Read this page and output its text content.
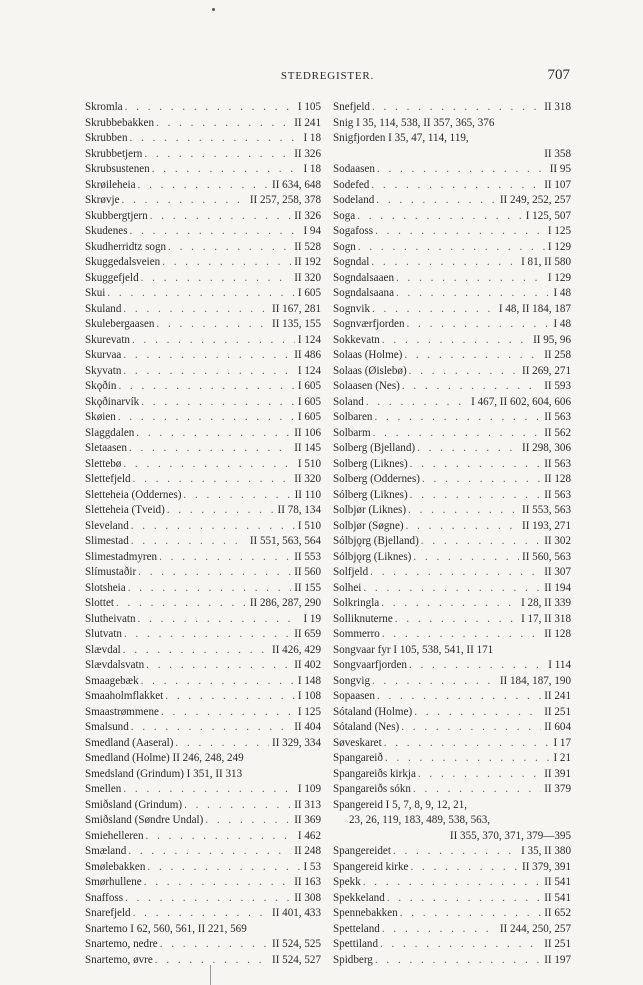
STEDREGISTER.	707
Skromla . . .	I 105
Skrubbebakken . . .	II 241
Skrubben . . .	I 18
Skrubbetjern . . .	II 326
Skrubsustenen . . .	I 18
Skrøileheia . . .	II 634, 648
Skrøvje . . .	II 257, 258, 378
Skubbergtjern . . .	II 326
Skudenes . . .	I 94
Skudherridtz sogn . . .	II 528
Skuggedalsveien . . .	II 192
Skuggefjeld . . .	II 320
Skui . . .	I 605
Skuland . . .	II 167, 281
Skulebergaasen . . .	II 135, 155
Skurevatn . . .	I 124
Skurvaa . . .	II 486
Skyvatn . . .	I 124
Skǫðin . . .	I 605
Skǫðinarvík . . .	I 605
Skøien . . .	I 605
Slaggdalen . . .	II 106
Sletaasen . . .	II 145
Slettebø . . .	I 510
Slettefjeld . . .	II 320
Sletteheia (Oddernes) . . .	II 110
Sletteheia (Tveid) . . .	II 78, 134
Sleveland . . .	I 510
Slimestad . . .	II 551, 563, 564
Slimestadmyren . . .	II 553
Slímustaðir . . .	II 560
Slotsheia . . .	II 155
Slottet . . .	II 286, 287, 290
Slutheivatn . . .	I 19
Slutvatn . . .	II 659
Slævdal . . .	II 426, 429
Slævdalsvatn . . .	II 402
Smaagebæk . . .	I 148
Smaaholmflakket . . .	I 108
Smaastrømmene . . .	I 125
Smalsund . . .	II 404
Smedland (Aaseral) . . .	II 329, 334
Smedland (Holme) II 246, 248, 249
Smedsland (Grindum) I 351, II 313
Smellen . . .	I 109
Smiðsland (Grindum) . . .	II 313
Smiðsland (Søndre Undal) . . .	II 369
Smiehelleren . . .	I 462
Smæland . . .	II 248
Smølebakken . . .	I 53
Smørhullene . . .	II 163
Snaffoss . . .	II 308
Snarefjeld . . .	II 401, 433
Snartemo I 62, 560, 561, II 221, 569
Snartemo, nedre . . .	II 524, 525
Snartemo, øvre . . .	II 524, 527
Snefjeld . . .	II 318
Snig I 35, 114, 538, II 357, 365, 376
Snigfjorden I 35, 47, 114, 119,
II 358
Sodaasen . . .	II 95
Sodefed . . .	II 107
Sodeland . . .	II 249, 252, 257
Soga . . .	I 125, 507
Sogafoss . . .	I 125
Sogn . . .	I 129
Sogndal . . .	I 81, II 580
Sogndalsaaen . . .	I 129
Sogndalsaana . . .	I 48
Sognvik . . .	I 48, II 184, 187
Sognværfjorden . . .	I 48
Sokkevatn . . .	II 95, 96
Solaas (Holme) . . .	II 258
Solaas (Øislebø) . . .	II 269, 271
Solaasen (Nes) . . .	II 593
Soland . . .	I 467, II 602, 604, 606
Solbaren . . .	II 563
Solbarm . . .	II 562
Solberg (Bjelland) . . .	II 298, 306
Solberg (Liknes) . . .	II 563
Solberg (Oddernes) . . .	II 128
Sólberg (Liknes) . . .	II 563
Solbjør (Liknes) . . .	II 553, 563
Solbjør (Søgne) . . .	II 193, 271
Sólbjǫrg (Bjelland) . . .	II 302
Sólbjǫrg (Liknes) . . .	II 560, 563
Solfjeld . . .	II 307
Solhei . . .	II 194
Solkringla . . .	I 28, II 339
Solliknuterne . . .	I 17, II 318
Sommerro . . .	II 128
Songvaar fyr I 105, 538, 541, II 171
Songvaarfjorden . . .	I 114
Songvig . . .	II 184, 187, 190
Sopaasen . . .	II 241
Sótaland (Holme) . . .	II 251
Sótaland (Nes) . . .	II 604
Søveskaret . . .	I 17
Spangareið . . .	I 21
Spangareiðs kirkja . . .	II 391
Spangareiðs sókn . . .	II 379
Spangereid I 5, 7, 8, 9, 12, 21,
23, 26, 119, 183, 489, 538, 563,
II 355, 370, 371, 379—395
Spangereidet . . .	I 35, II 380
Spangereid kirke . . .	II 379, 391
Spekk . . .	II 541
Spekkeland . . .	II 541
Spennebakken . . .	II 652
Spetteland . . .	II 244, 250, 257
Spettiland . . .	II 251
Spidberg . . .	II 197
